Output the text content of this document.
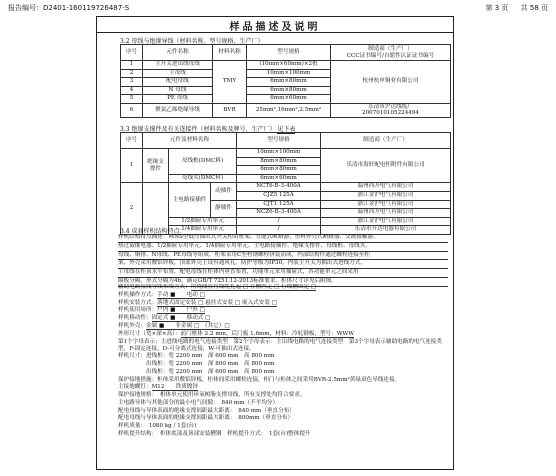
报告编号：D2401-160119726487-S	第 3 页 共 58 页
样品描述及说明
3.2 母线与绝缘导线（材料名称、型号规格、生产厂）
序号	元件名称	材料名称	型号规格	制造商（生产厂）
CCC证书编号/自愿性认证证书编号
1	主开关进出线母线	TMY	(10mm×60mm)×2根	杭州杭申铜业有限公司
2	主母线		10mm×100mm	
3	配电母线		6mm×80mm	
4	N 母线		6mm×80mm	
5	PE 母线		6mm×60mm	
6	聚氯乙烯绝缘导线	BVR	25mm²,16mm²,2.5mm²	乐清市沪达线缆厂
2007010105224494
3.3 绝缘支撑件及有关连接件（材料名称及牌号、生产厂） 见下表
序号	元件及材料名称			型号规格	制造商（生产厂）
1	绝缘支撑件	母线框(DMC料)		10mm×100mm	乐清市海轩配电柜附件有限公司
				8mm×80mm	
				6mm×80mm	
		母线夹(DMC料)		6mm×60mm	
2		主电路接插件	动插件	NCT6-B-3-400A	温州西开电气有限公司
				CJZ5 125A	浙江金沪电气有限公司
			静插件	CJT1 125A	浙江金沪电气有限公司
				NCZ6-B-3-400A	温州西开电气有限公司
		1/2抽屉专用单元		/	浙江金沪电气有限公司
		1/4抽屉专用单元		/	乐清市开达电器有限公司
3.4 成套样机结构特点：
样机结构特点描述：MNS型低压抽出式开关柜由框架、万能式断路器、塑料外壳式断路器、交流接触器、
热过载继电器、1/2抽屉专用单元、1/4抽屉专用单元、主电路接插件、绝缘支撑件、母线框、母线夹、
母线、铜排、N母线、PE母线等组成，柜架采用C型材钢螺栓拼装而成，内部结构件通过螺栓连接至柜
架，外壳采用敷铝锌板，顶部外壳上设有通风孔，防护等级为IP30，内装主开关为抽出式进线方式，
主母线在柜顶水平布置，配电母线在柜体内垂直布置，功能单元采用抽屉式，各功能单元之间采用
隔板分隔，形式分隔为4b，满足GB/T 7251.12-2013标准要求。柜体尺寸详见后附图。
辅助电路接线导线布线方式：用绕线管将线缆扎起 □ 在槽内走 □ 行线槽固定 □
样机操作方式：手动 ■　　电动 □
样机安装方式：落地式固定安装 □ 悬挂式安装 □ 嵌入式安装 □
样机使用场所：户内 ■　　户外 □
样机移动性：固定式 ■　　移动式 □
样机外壳：金属 ■　　非金属 □　（其它）□
外形尺寸（宽×深×高）：前门框体 2.2 mm，后门板 1.6mm，材料：冷轧钢板，型号：WWW
第1个字母表示：主进线电路的电气连接类型　第2个字母表示：主出线电路的电气连接类型　第3个字母表示辅助电路的电气连接类型，F-固定连接，D-可分离式连接，W-可抽出式连接。
样机尺寸：进线柜：宽 2200 mm　深 600 mm　高 800 mm
　　　　　出线柜：宽 2200 mm　深 800 mm　高 800 mm
　　　　　出线柜：宽 2200 mm　深 600 mm　高 800 mm
保护接地措施：柜体采用敷铝锌板，柜体间采用螺栓连接，柜门与柜体之间采用BVR-2.5mm²黄绿双色导线连接。
主接地螺钉：M12　　铁质镀锌
保护接地规格：　相体单元使用环氧树脂支撑母线，所有支撑处均符合要求。
主电路导体与其他部分的最小电气间隙：　840 mm（不平均分）
配电母线与导体表面的绝缘支撑间距最大距离：　840 mm（垂直分布）
配电母线与导体表面的绝缘支撑间距最大距离：　800mm（垂直分布）
样机质量：　1080 kg / 1套(台)
样机提升结构：　柜体底部及顶部安装槽钢　样机提升方式：　1套(台)整体提升
